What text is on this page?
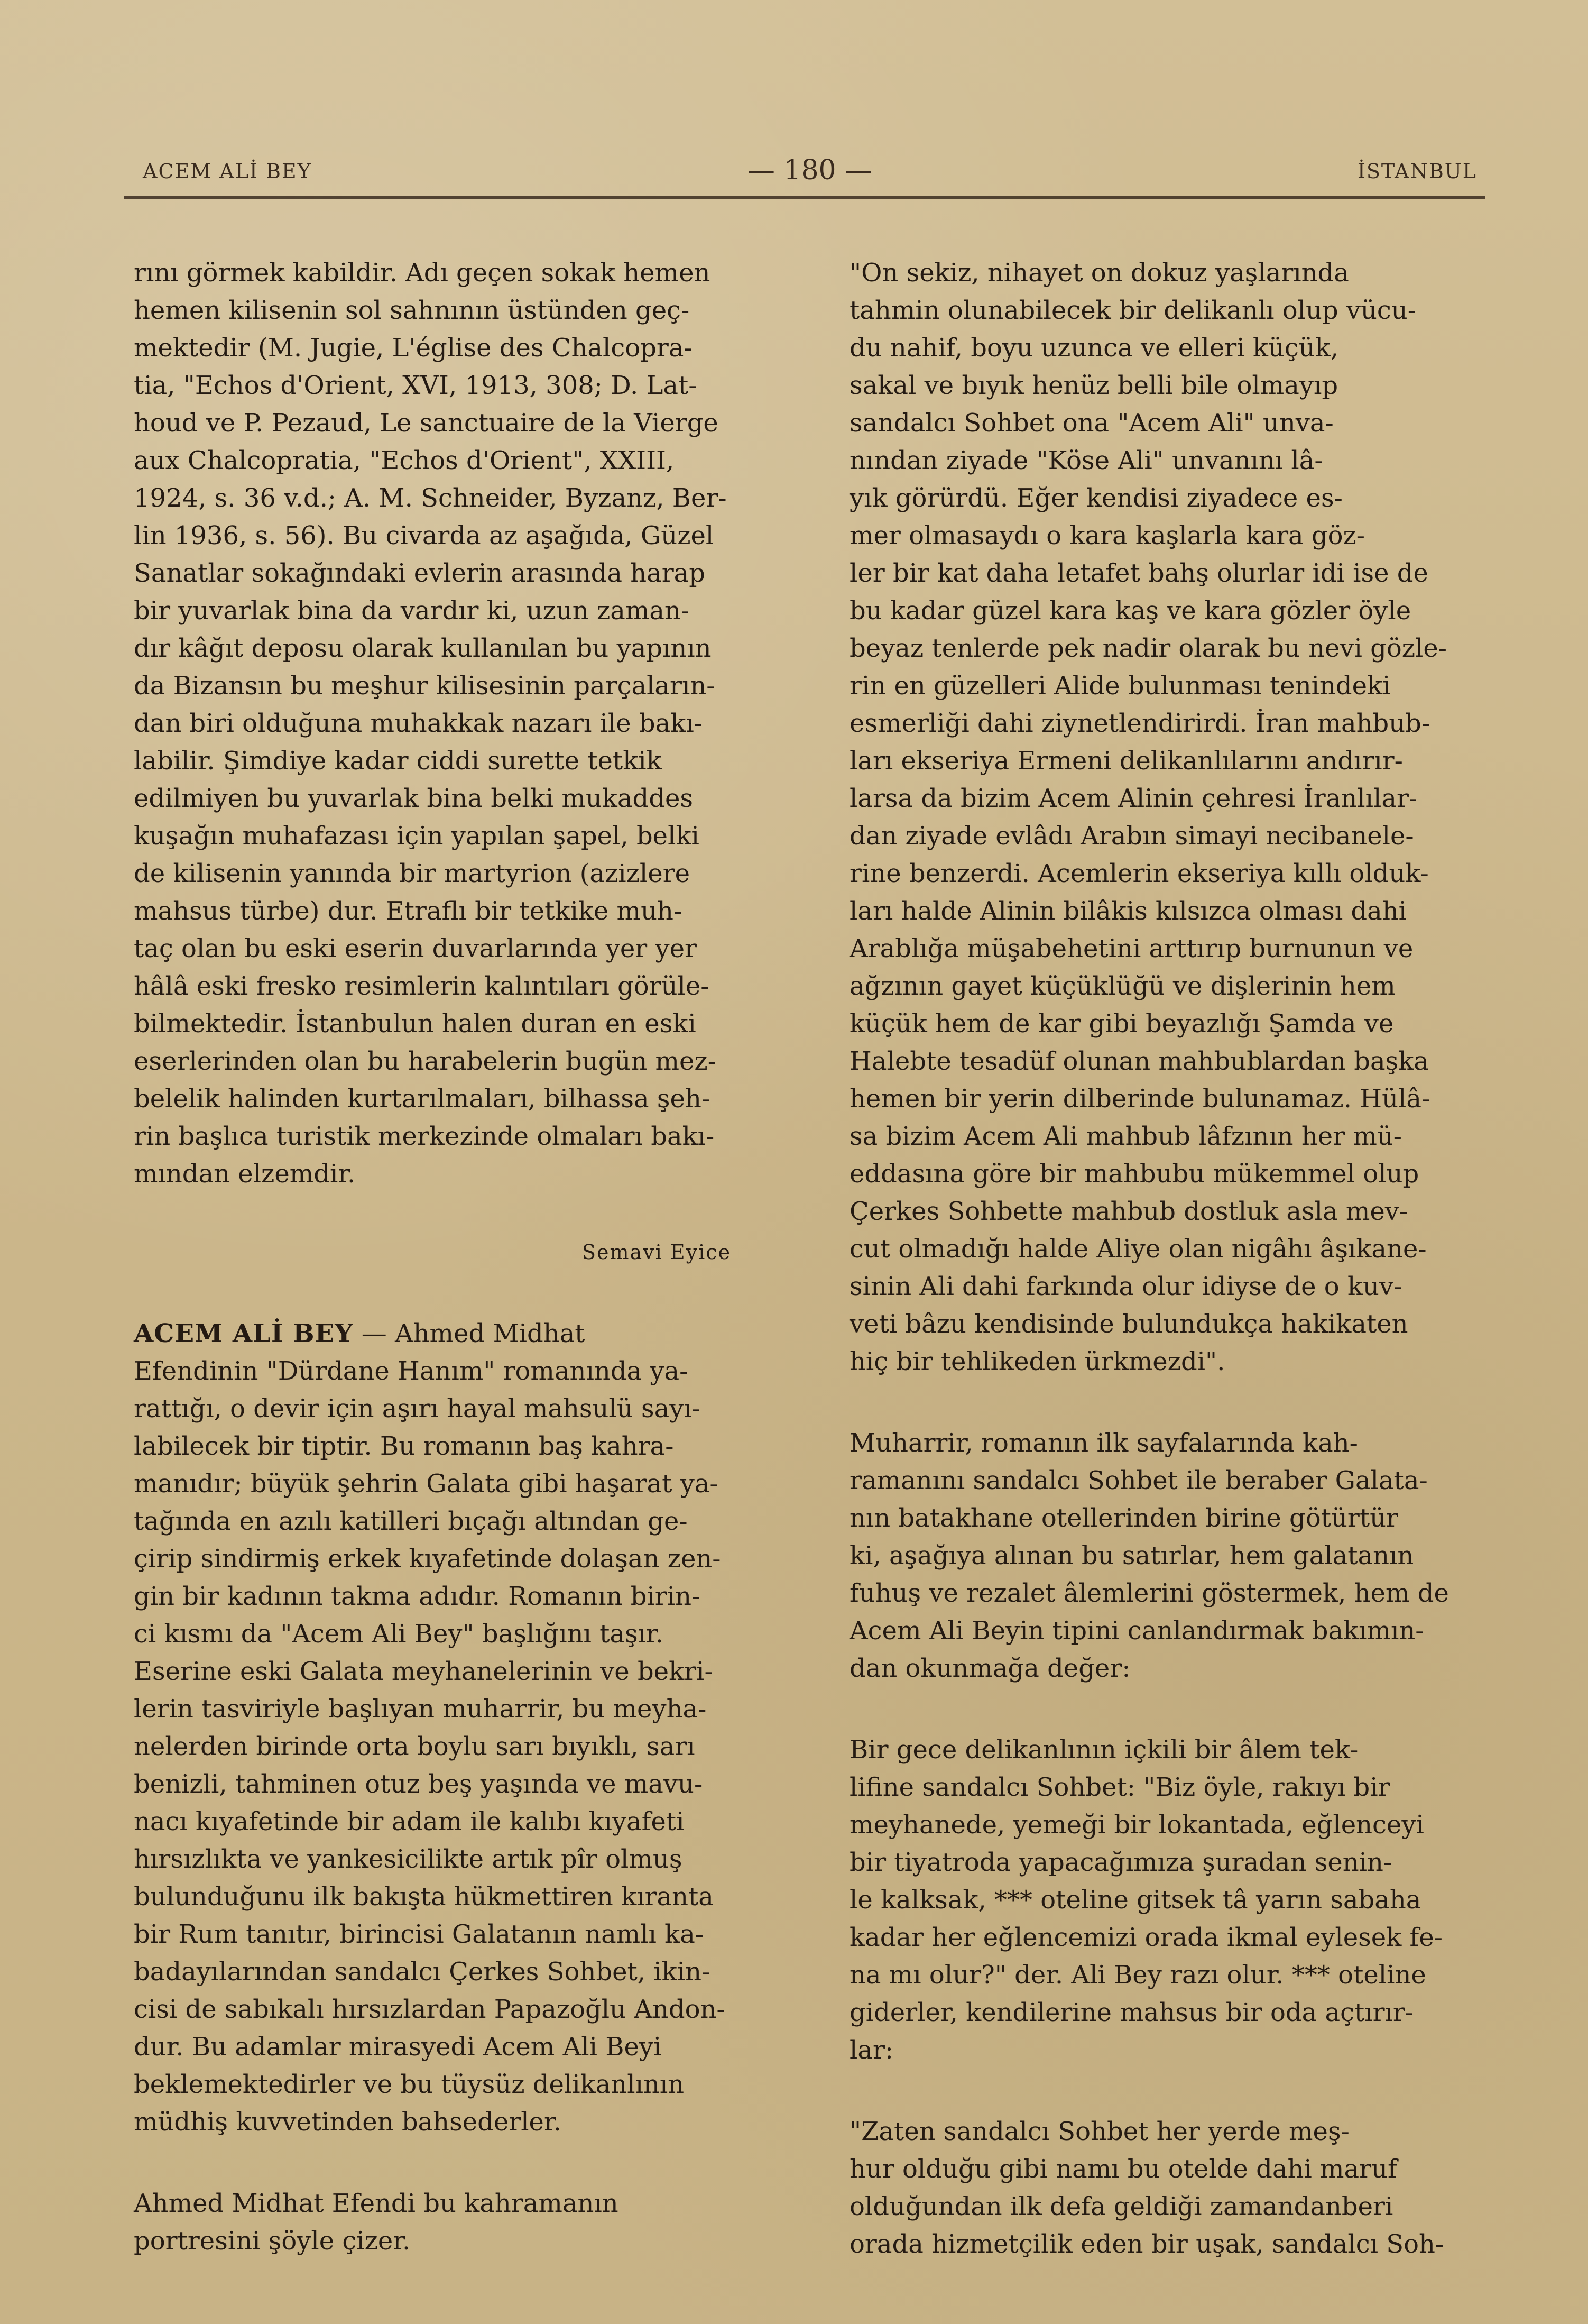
ACEM ALİ BEY	— 180 —	İSTANBUL

rını görmek kabildir. Adı geçen sokak hemen
hemen kilisenin sol sahnının üstünden geç-
mektedir (M. Jugie, L'église des Chalcopra-
tia, "Echos d'Orient, XVI, 1913, 308; D. Lat-
houd ve P. Pezaud, Le sanctuaire de la Vierge
aux Chalcopratia, "Echos d'Orient", XXIII,
1924, s. 36 v.d.; A. M. Schneider, Byzanz, Ber-
lin 1936, s. 56). Bu civarda az aşağıda, Güzel
Sanatlar sokağındaki evlerin arasında harap
bir yuvarlak bina da vardır ki, uzun zaman-
dır kâğıt deposu olarak kullanılan bu yapının
da Bizansın bu meşhur kilisesinin parçaların-
dan biri olduğuna muhakkak nazarı ile bakı-
labilir. Şimdiye kadar ciddi surette tetkik
edilmiyen bu yuvarlak bina belki mukaddes
kuşağın muhafazası için yapılan şapel, belki
de kilisenin yanında bir martyrion (azizlere
mahsus türbe) dur. Etraflı bir tetkike muh-
taç olan bu eski eserin duvarlarında yer yer
hâlâ eski fresko resimlerin kalıntıları görüle-
bilmektedir. İstanbulun halen duran en eski
eserlerinden olan bu harabelerin bugün mez-
belelik halinden kurtarılmaları, bilhassa şeh-
rin başlıca turistik merkezinde olmaları bakı-
mından elzemdir.

Semavi Eyice

ACEM ALİ BEY — Ahmed Midhat
Efendinin "Dürdane Hanım" romanında ya-
rattığı, o devir için aşırı hayal mahsulü sayı-
labilecek bir tiptir. Bu romanın baş kahra-
manıdır; büyük şehrin Galata gibi haşarat ya-
tağında en azılı katilleri bıçağı altından ge-
çirip sindirmiş erkek kıyafetinde dolaşan zen-
gin bir kadının takma adıdır. Romanın birin-
ci kısmı da "Acem Ali Bey" başlığını taşır.
Eserine eski Galata meyhanelerinin ve bekri-
lerin tasviriyle başlıyan muharrir, bu meyha-
nelerden birinde orta boylu sarı bıyıklı, sarı
benizli, tahminen otuz beş yaşında ve mavu-
nacı kıyafetinde bir adam ile kalıbı kıyafeti
hırsızlıkta ve yankesicilikte artık pîr olmuş
bulunduğunu ilk bakışta hükmettiren kıranta
bir Rum tanıtır, birincisi Galatanın namlı ka-
badayılarından sandalcı Çerkes Sohbet, ikin-
cisi de sabıkalı hırsızlardan Papazoğlu Andon-
dur. Bu adamlar mirasyedi Acem Ali Beyi
beklemektedirler ve bu tüysüz delikanlının
müdhiş kuvvetinden bahsederler.

Ahmed Midhat Efendi bu kahramanın
portresini şöyle çizer.

"On sekiz, nihayet on dokuz yaşlarında
tahmin olunabilecek bir delikanlı olup vücu-
du nahif, boyu uzunca ve elleri küçük,
sakal ve bıyık henüz belli bile olmayıp
sandalcı Sohbet ona "Acem Ali" unva-
nından ziyade "Köse Ali" unvanını lâ-
yık görürdü. Eğer kendisi ziyadece es-
mer olmasaydı o kara kaşlarla kara göz-
ler bir kat daha letafet bahş olurlar idi ise de
bu kadar güzel kara kaş ve kara gözler öyle
beyaz tenlerde pek nadir olarak bu nevi gözle-
rin en güzelleri Alide bulunması tenindeki
esmerliği dahi ziynetlendirirdi. İran mahbub-
ları ekseriya Ermeni delikanlılarını andırır-
larsa da bizim Acem Alinin çehresi İranlılar-
dan ziyade evlâdı Arabın simayi necibanele-
rine benzerdi. Acemlerin ekseriya kıllı olduk-
ları halde Alinin bilâkis kılsızca olması dahi
Arablığa müşabehetini arttırıp burnunun ve
ağzının gayet küçüklüğü ve dişlerinin hem
küçük hem de kar gibi beyazlığı Şamda ve
Halebte tesadüf olunan mahbublardan başka
hemen bir yerin dilberinde bulunamaz. Hülâ-
sa bizim Acem Ali mahbub lâfzının her mü-
eddasına göre bir mahbubu mükemmel olup
Çerkes Sohbette mahbub dostluk asla mev-
cut olmadığı halde Aliye olan nigâhı âşıkane-
sinin Ali dahi farkında olur idiyse de o kuv-
veti bâzu kendisinde bulundukça hakikaten
hiç bir tehlikeden ürkmezdi".

Muharrir, romanın ilk sayfalarında kah-
ramanını sandalcı Sohbet ile beraber Galata-
nın batakhane otellerinden birine götürtür
ki, aşağıya alınan bu satırlar, hem galatanın
fuhuş ve rezalet âlemlerini göstermek, hem de
Acem Ali Beyin tipini canlandırmak bakımın-
dan okunmağa değer:

Bir gece delikanlının içkili bir âlem tek-
lifine sandalcı Sohbet: "Biz öyle, rakıyı bir
meyhanede, yemeği bir lokantada, eğlenceyi
bir tiyatroda yapacağımıza şuradan senin-
le kalksak, *** oteline gitsek tâ yarın sabaha
kadar her eğlencemizi orada ikmal eylesek fe-
na mı olur?" der. Ali Bey razı olur. *** oteline
giderler, kendilerine mahsus bir oda açtırır-
lar:

"Zaten sandalcı Sohbet her yerde meş-
hur olduğu gibi namı bu otelde dahi maruf
olduğundan ilk defa geldiği zamandanberi
orada hizmetçilik eden bir uşak, sandalcı Soh-
